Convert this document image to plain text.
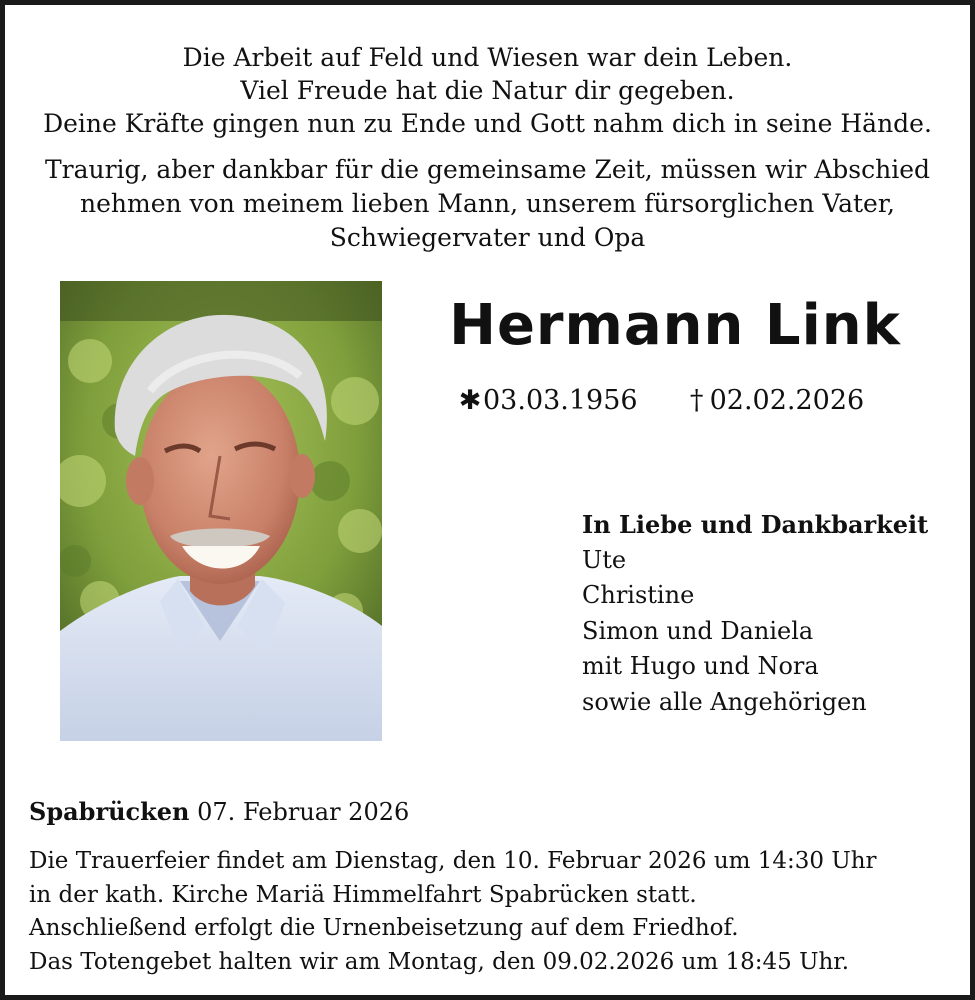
Die Arbeit auf Feld und Wiesen war dein Leben.
Viel Freude hat die Natur dir gegeben.
Deine Kräfte gingen nun zu Ende und Gott nahm dich in seine Hände.
Traurig, aber dankbar für die gemeinsame Zeit, müssen wir Abschied
nehmen von meinem lieben Mann, unserem fürsorglichen Vater,
Schwiegervater und Opa
Hermann Link
✱03.03.1956 † 02.02.2026
In Liebe und Dankbarkeit
Ute
Christine
Simon und Daniela
mit Hugo und Nora
sowie alle Angehörigen
Spabrücken 07. Februar 2026
Die Trauerfeier findet am Dienstag, den 10. Februar 2026 um 14:30 Uhr
in der kath. Kirche Mariä Himmelfahrt Spabrücken statt.
Anschließend erfolgt die Urnenbeisetzung auf dem Friedhof.
Das Totengebet halten wir am Montag, den 09.02.2026 um 18:45 Uhr.
